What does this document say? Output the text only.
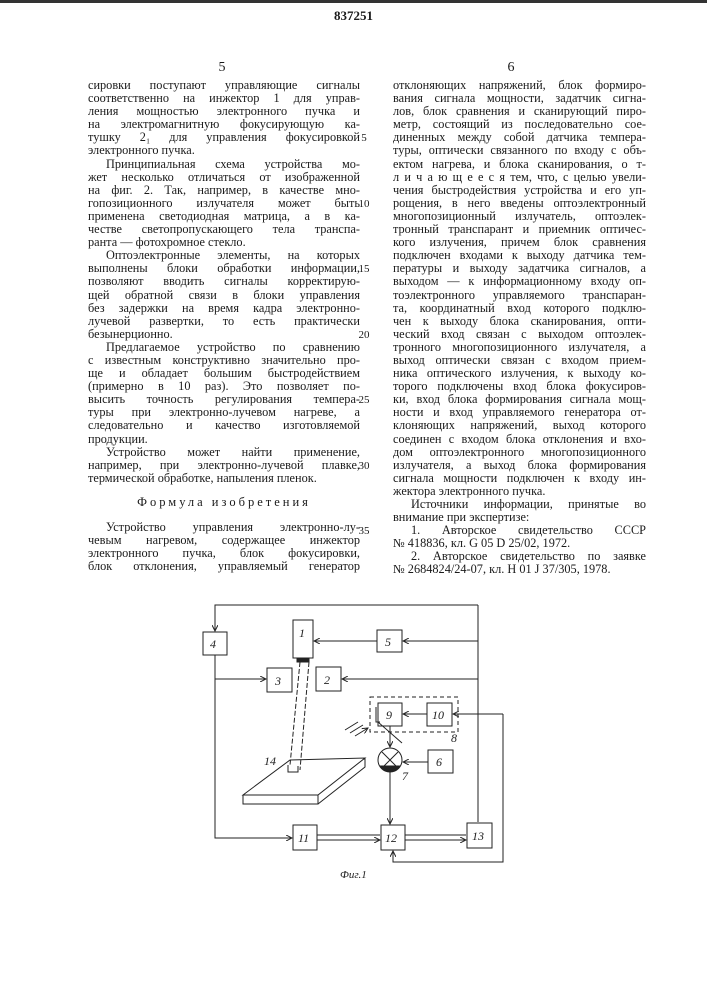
837251
5	6
сировки поступают управляющие сигналы
соответственно на инжектор 1 для управ-
ления мощностью электронного пучка и
на электромагнитную фокусирующую ка-
тушку 2₁ для управления фокусировкой
электронного пучка.
Принципиальная схема устройства мо-
жет несколько отличаться от изображенной
на фиг. 2. Так, например, в качестве мно-
гопозиционного излучателя может быть
применена светодиодная матрица, а в ка-
честве светопропускающего тела транспа-
ранта — фотохромное стекло.
Оптоэлектронные элементы, на которых
выполнены блоки обработки информации,
позволяют вводить сигналы корректирую-
щей обратной связи в блоки управления
без задержки на время кадра электронно-
лучевой развертки, то есть практически
безынерционно.
Предлагаемое устройство по сравнению
с известным конструктивно значительно про-
ще и обладает большим быстродействием
(примерно в 10 раз). Это позволяет по-
высить точность регулирования темпера-
туры при электронно-лучевом нагреве, а
следовательно и качество изготовляемой
продукции.
Устройство может найти применение,
например, при электронно-лучевой плавке,
термической обработке, напыления пленок.
Формула изобретения
Устройство управления электронно-лу-
чевым нагревом, содержащее инжектор
электронного пучка, блок фокусировки,
блок отклонения, управляемый генератор
отклоняющих напряжений, блок формиро-
вания сигнала мощности, задатчик сигна-
лов, блок сравнения и сканирующий пиро-
метр, состоящий из последовательно сое-
диненных между собой датчика темпера-
туры, оптически связанного по входу с объ-
ектом нагрева, и блока сканирования, о т-
л и ч а ю щ е е с я тем, что, с целью увели-
чения быстродействия устройства и его уп-
рощения, в него введены оптоэлектронный
многопозиционный излучатель, оптоэлек-
тронный транспарант и приемник оптичес-
кого излучения, причем блок сравнения
подключен входами к выходу датчика тем-
пературы и выходу задатчика сигналов, а
выходом — к информационному входу оп-
тоэлектронного управляемого транспаран-
та, координатный вход которого подклю-
чен к выходу блока сканирования, опти-
ческий вход связан с выходом оптоэлек-
тронного многопозиционного излучателя, а
выход оптически связан с входом прием-
ника оптического излучения, к выходу ко-
торого подключены вход блока фокусиров-
ки, вход блока формирования сигнала мощ-
ности и вход управляемого генератора от-
клоняющих напряжений, выход которого
соединен с входом блока отклонения и вхо-
дом оптоэлектронного многопозиционного
излучателя, а выход блока формирования
сигнала мощности подключен к входу ин-
жектора электронного пучка.
Источники информации, принятые во
внимание при экспертизе:
1. Авторское свидетельство СССР
№ 418836, кл. G 05 D 25/02, 1972.
2. Авторское свидетельство по заявке
№ 2684824/24-07, кл. H 01 J 37/305, 1978.
5
10
15
20
25
30
35
4
1
5
3	2
9	10
8
7
6
14
11	12	13
Фиг.1
